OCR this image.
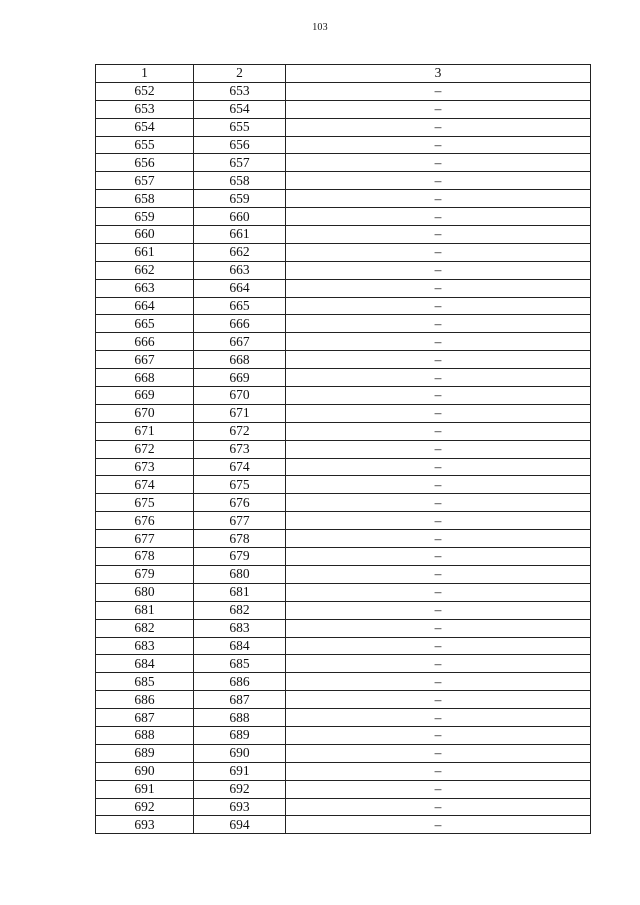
103
1	2	3
652	653	–
653	654	–
654	655	–
655	656	–
656	657	–
657	658	–
658	659	–
659	660	–
660	661	–
661	662	–
662	663	–
663	664	–
664	665	–
665	666	–
666	667	–
667	668	–
668	669	–
669	670	–
670	671	–
671	672	–
672	673	–
673	674	–
674	675	–
675	676	–
676	677	–
677	678	–
678	679	–
679	680	–
680	681	–
681	682	–
682	683	–
683	684	–
684	685	–
685	686	–
686	687	–
687	688	–
688	689	–
689	690	–
690	691	–
691	692	–
692	693	–
693	694	–
